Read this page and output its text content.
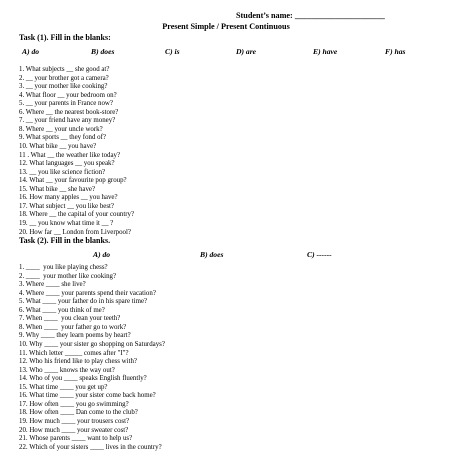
Student’s name: ______________________
Present Simple / Present Continuous
Task (1). Fill in the blanks:
A) do	B) does	C) is	D) are	E) have	F) has
1. What subjects __ she good at?
2. __ your brother got a camera?
3. __ your mother like cooking?
4. What floor __ your bedroom on?
5. __ your parents in France now?
6. Where __ the nearest book-store?
7. __ your friend have any money?
8. Where __ your uncle work?
9. What sports __ they fond of?
10. What bike __ you have?
11 . What __ the weather like today?
12. What languages __ you speak?
13. __ you like science fiction?
14. What __ your favourite pop group?
15. What bike __ she have?
16. How many apples __ you have?
17. What subject __ you like best?
18. Where __ the capital of your country?
19. __ you know what time it __ ?
20. How far __ London from Liverpool?
Task (2). Fill in the blanks.
A) do	B) does	C) ------
1. ____  you like playing chess?
2. ____  your mother like cooking?
3. Where ____ she live?
4. Where ____ your parents spend their vacation?
5. What ____ your father do in his spare time?
6. What ____ you think of me?
7. When ____  you clean your teeth?
8. When ____  your father go to work?
9. Why ____ they learn poems by heart?
10. Why ____ your sister go shopping on Saturdays?
11. Which letter _____ comes after "I"?
12. Who his friend like to play chess with?
13. Who ____ knows the way out?
14. Who of you ____ speaks English fluently?
15. What time ____ you get up?
16. What time ____ your sister come back home?
17. How often ____ you go swimming?
18. How often ____ Dan come to the club?
19. How much ____ your trousers cost?
20. How much ____ your sweater cost?
21. Whose parents ____ want to help us?
22. Which of your sisters ____ lives in the country?
